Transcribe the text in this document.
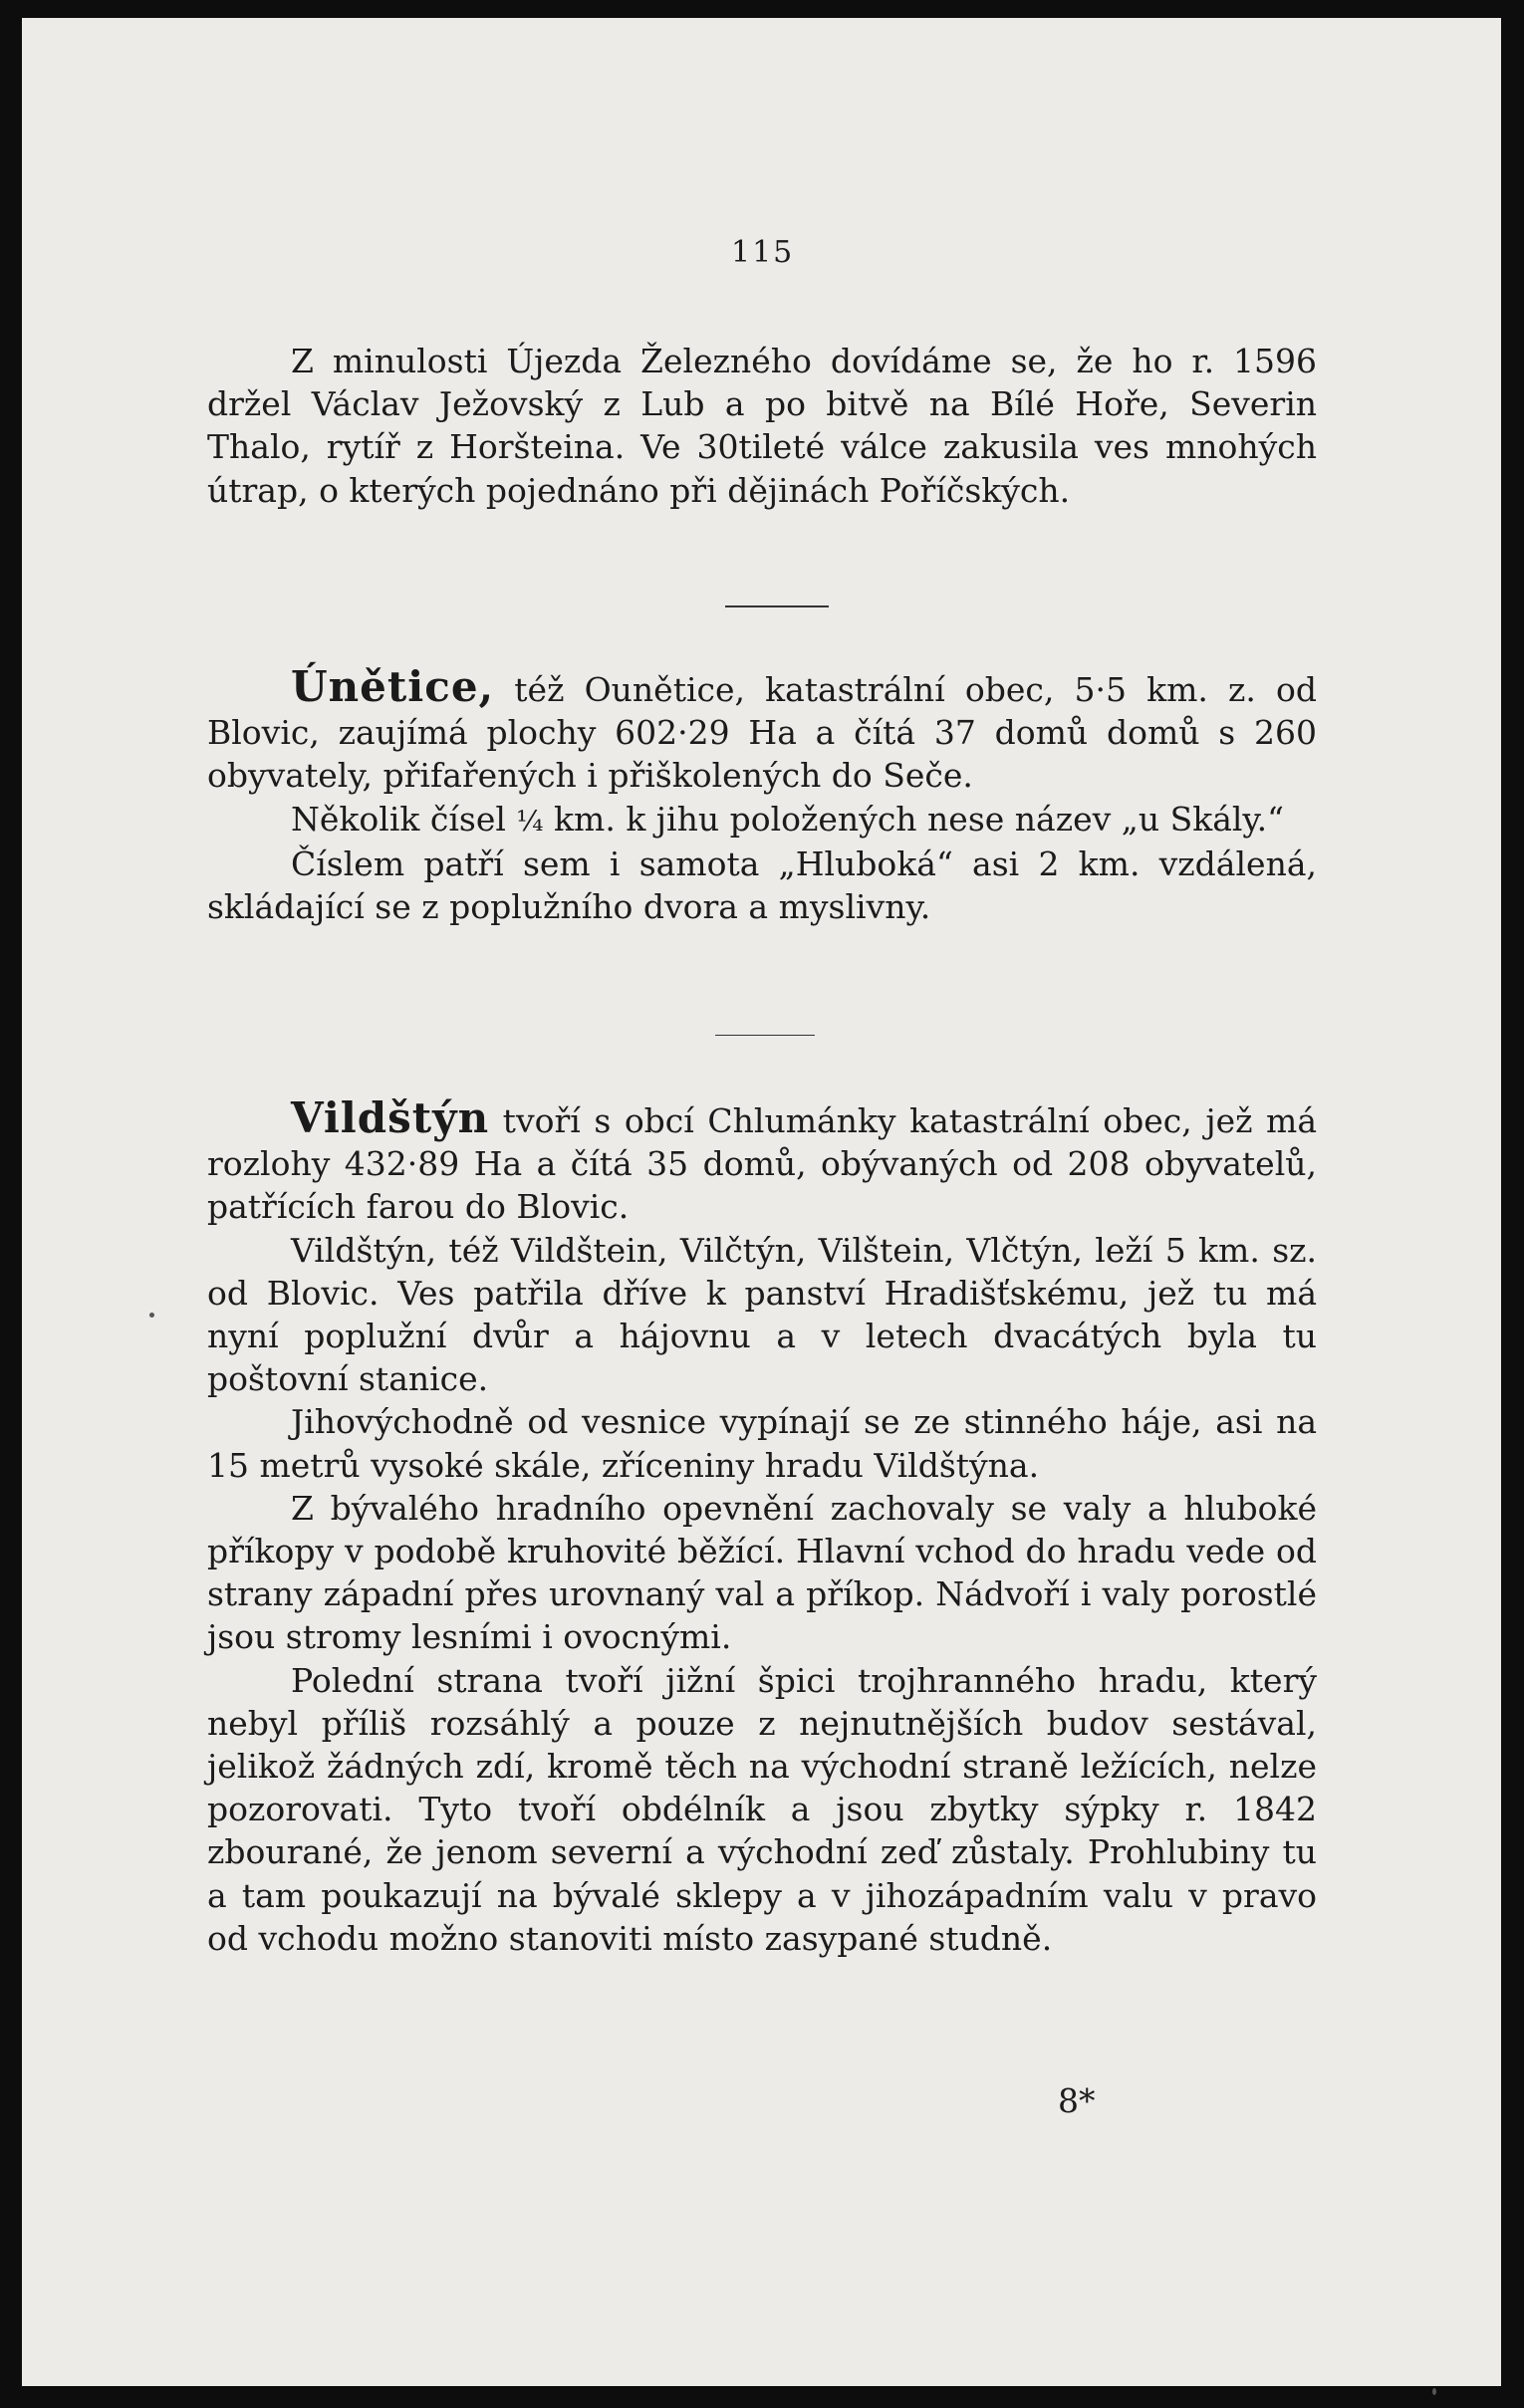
115

Z minulosti Újezda Železného dovídáme se, že ho r. 1596 držel Václav Ježovský z Lub a po bitvě na Bílé Hoře, Severin Thalo, rytíř z Horšteina. Ve 30tileté válce zakusila ves mnohých útrap, o kterých pojednáno při dějinách Poříčských.

Únětice, též Ounětice, katastrální obec, 5·5 km. z. od Blovic, zaujímá plochy 602·29 Ha a čítá 37 domů domů s 260 obyvately, přifařených i přiškolených do Seče.

Několik čísel ¼ km. k jihu položených nese název „u Skály.“

Číslem patří sem i samota „Hluboká“ asi 2 km. vzdálená, skládající se z poplužního dvora a myslivny.

Vildštýn tvoří s obcí Chlumánky katastrální obec, jež má rozlohy 432·89 Ha a čítá 35 domů, obývaných od 208 obyvatelů, patřících farou do Blovic.

Vildštýn, též Vildštein, Vilčtýn, Vilštein, Vlčtýn, leží 5 km. sz. od Blovic. Ves patřila dříve k panství Hradišťskému, jež tu má nyní poplužní dvůr a hájovnu a v letech dvacátých byla tu poštovní stanice.

Jihovýchodně od vesnice vypínají se ze stinného háje, asi na 15 metrů vysoké skále, zříceniny hradu Vildštýna.

Z bývalého hradního opevnění zachovaly se valy a hluboké příkopy v podobě kruhovité běžící. Hlavní vchod do hradu vede od strany západní přes urovnaný val a příkop. Nádvoří i valy porostlé jsou stromy lesními i ovocnými.

Polední strana tvoří jižní špici trojhranného hradu, který nebyl příliš rozsáhlý a pouze z nejnutnějších budov sestával, jelikož žádných zdí, kromě těch na východní straně ležících, nelze pozorovati. Tyto tvoří obdélník a jsou zbytky sýpky r. 1842 zbourané, že jenom severní a východní zeď zůstaly. Prohlubiny tu a tam poukazují na bývalé sklepy a v jihozápadním valu v pravo od vchodu možno stanoviti místo zasypané studně.

8*
